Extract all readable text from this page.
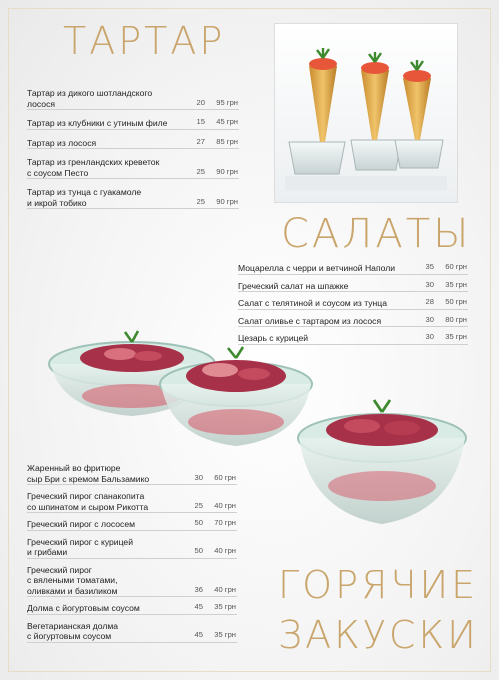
ТАРТАР
Тартар из дикого шотландского
лосося	20 95 грн
Тартар из клубники с утиным филе	15 45 грн
Тартар из лосося	27 85 грн
Тартар из гренландских креветок
с соусом Песто	25 90 грн
Тартар из тунца с гуакамоле
и икрой тобико	25 90 грн
САЛАТЫ
Моцарелла с черри и ветчиной Наполи	35 60 грн
Греческий салат на шпажке	30 35 грн
Салат с телятиной и соусом из тунца	28 50 грн
Салат оливье с тартаром из лосося	30 80 грн
Цезарь с курицей	30 35 грн
Жаренный во фритюре
сыр Бри с кремом Бальзамико	30 60 грн
Греческий пирог спанакопита
со шпинатом и сыром Рикотта	25 40 грн
Греческий пирог с лососем	50 70 грн
Греческий пирог с курицей
и грибами	50 40 грн
Греческий пирог
с вялеными томатами,
оливками и базиликом	36 40 грн
Долма с йогуртовым соусом	45 35 грн
Вегетарианская долма
с йогуртовым соусом	45 35 грн
ГОРЯЧИЕ
ЗАКУСКИ
